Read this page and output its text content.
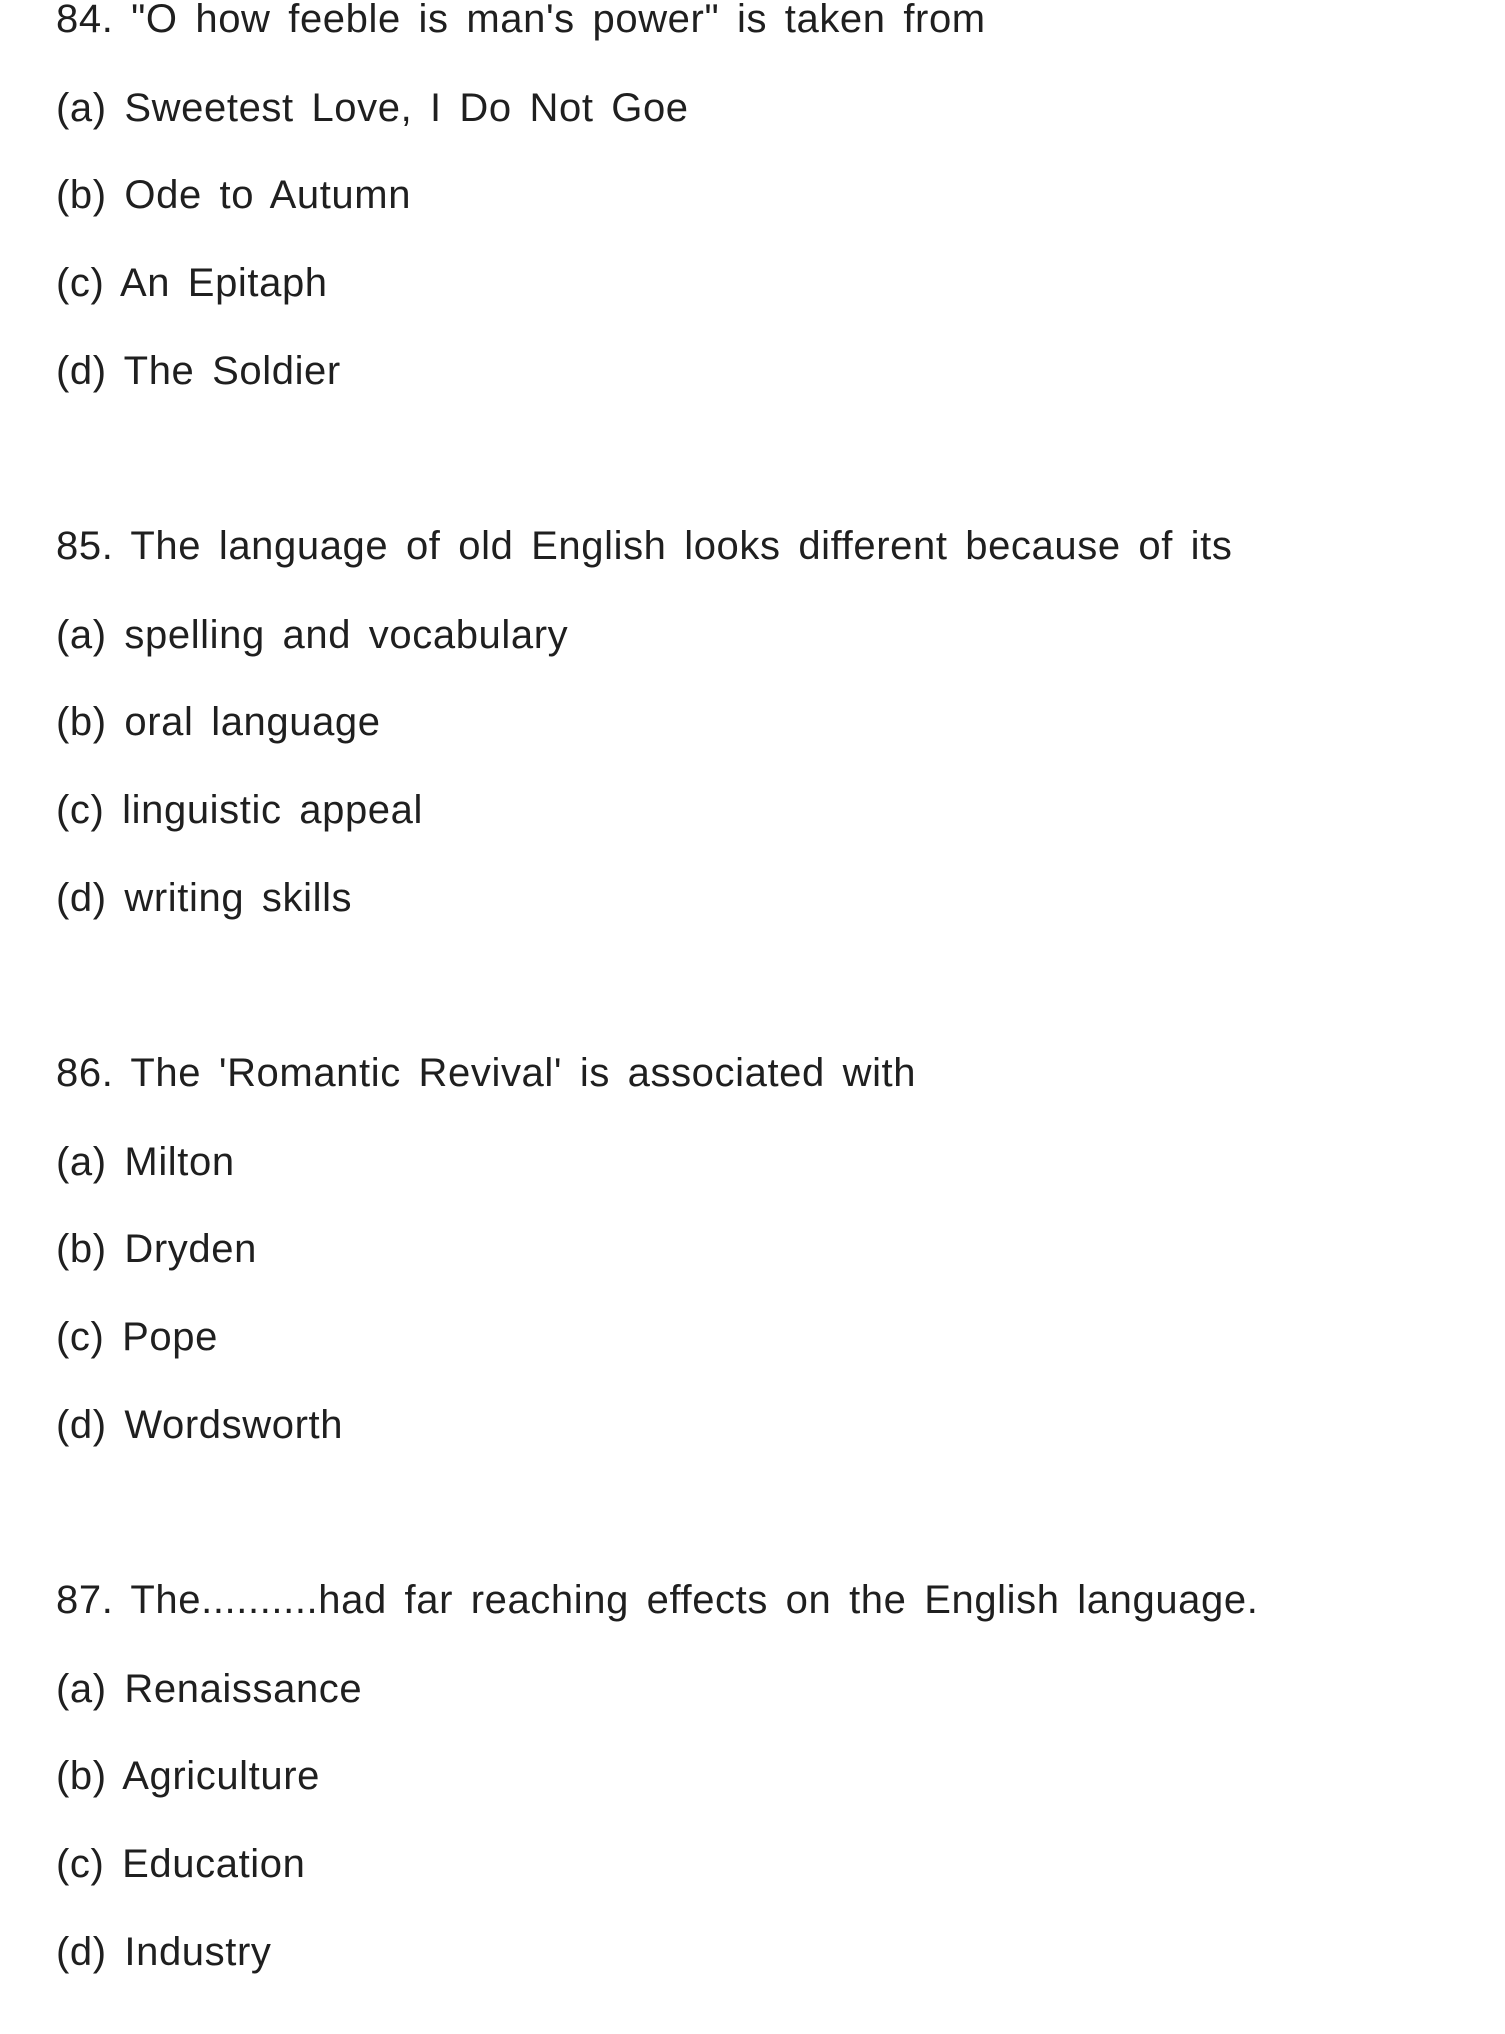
84. "O how feeble is man's power" is taken from
(a) Sweetest Love, I Do Not Goe
(b) Ode to Autumn
(c) An Epitaph
(d) The Soldier
85. The language of old English looks different because of its
(a) spelling and vocabulary
(b) oral language
(c) linguistic appeal
(d) writing skills
86. The 'Romantic Revival' is associated with
(a) Milton
(b) Dryden
(c) Pope
(d) Wordsworth
87. The..........had far reaching effects on the English language.
(a) Renaissance
(b) Agriculture
(c) Education
(d) Industry
